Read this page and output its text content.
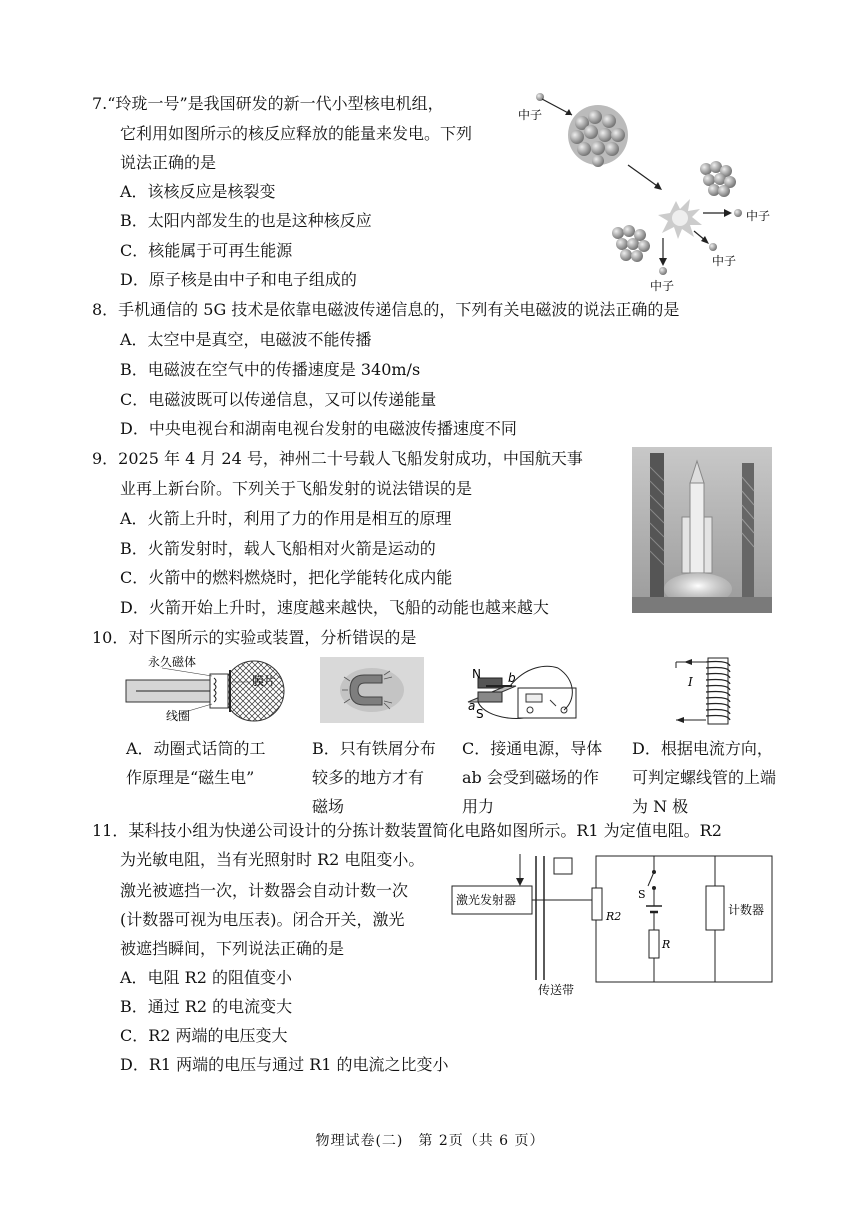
7.“玲珑一号”是我国研发的新一代小型核电机组，
它利用如图所示的核反应释放的能量来发电。下列
说法正确的是
A．该核反应是核裂变
B．太阳内部发生的也是这种核反应
C．核能属于可再生能源
D．原子核是由中子和电子组成的
中子
中子
中子
中子
8．手机通信的 5G 技术是依靠电磁波传递信息的，下列有关电磁波的说法正确的是
A．太空中是真空，电磁波不能传播
B．电磁波在空气中的传播速度是 340m/s
C．电磁波既可以传递信息，又可以传递能量
D．中央电视台和湖南电视台发射的电磁波传播速度不同
9．2025 年 4 月 24 号，神州二十号载人飞船发射成功，中国航天事
业再上新台阶。下列关于飞船发射的说法错误的是
A．火箭上升时，利用了力的作用是相互的原理
B．火箭发射时，载人飞船相对火箭是运动的
C．火箭中的燃料燃烧时，把化学能转化成内能
D．火箭开始上升时，速度越来越快，飞船的动能也越来越大
10．对下图所示的实验或装置，分析错误的是
永久磁体
膜片
线圈
N
S
a
b	I
A．动圈式话筒的工作原理是“磁生电”
B．只有铁屑分布较多的地方才有磁场
C．接通电源，导体 ab 会受到磁场的作用力
D．根据电流方向，可判定螺线管的上端为 N 极
11．某科技小组为快递公司设计的分拣计数装置简化电路如图所示。R1 为定值电阻。R2
为光敏电阻，当有光照射时 R2 电阻变小。
激光被遮挡一次，计数器会自动计数一次
(计数器可视为电压表)。闭合开关，激光
被遮挡瞬间，下列说法正确的是
A．电阻 R2 的阻值变小
B．通过 R2 的电流变大
C．R2 两端的电压变大
D．R1 两端的电压与通过 R1 的电流之比变小
激光发射器
传送带
R2
S
R
计数器
物理试卷(二)　第 2页（共 6 页）
